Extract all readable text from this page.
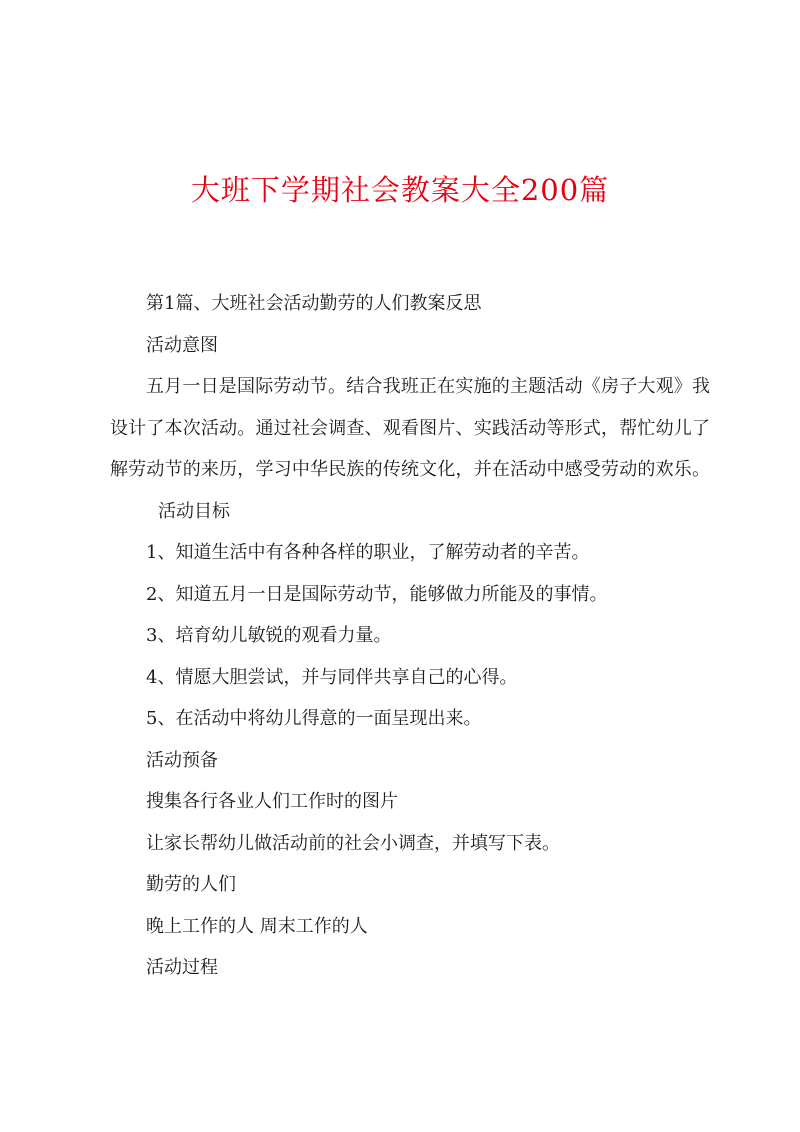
大班下学期社会教案大全200篇

第1篇、大班社会活动勤劳的人们教案反思

活动意图

五月一日是国际劳动节。结合我班正在实施的主题活动《房子大观》我设计了本次活动。通过社会调查、观看图片、实践活动等形式，帮忙幼儿了解劳动节的来历，学习中华民族的传统文化，并在活动中感受劳动的欢乐。活动目标

1、知道生活中有各种各样的职业，了解劳动者的辛苦。

2、知道五月一日是国际劳动节，能够做力所能及的事情。

3、培育幼儿敏锐的观看力量。

4、情愿大胆尝试，并与同伴共享自己的心得。

5、在活动中将幼儿得意的一面呈现出来。

活动预备

搜集各行各业人们工作时的图片

让家长帮幼儿做活动前的社会小调查，并填写下表。

勤劳的人们

晚上工作的人 周末工作的人

活动过程
